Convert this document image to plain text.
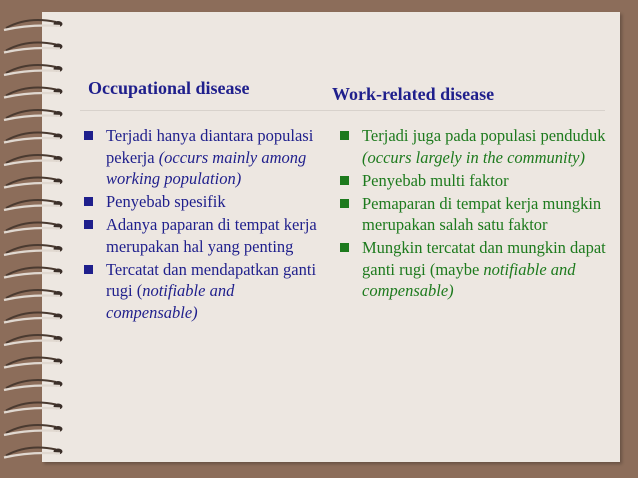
Occupational disease	Work-related disease
Terjadi hanya diantara populasi pekerja (occurs mainly among working population)
Penyebab spesifik
Adanya paparan di tempat kerja merupakan hal yang penting
Tercatat dan mendapatkan ganti rugi (notifiable and compensable)
Terjadi juga pada populasi penduduk (occurs largely in the community)
Penyebab multi faktor
Pemaparan di tempat kerja mungkin merupakan salah satu faktor
Mungkin tercatat dan mungkin dapat ganti rugi (maybe notifiable and compensable)
